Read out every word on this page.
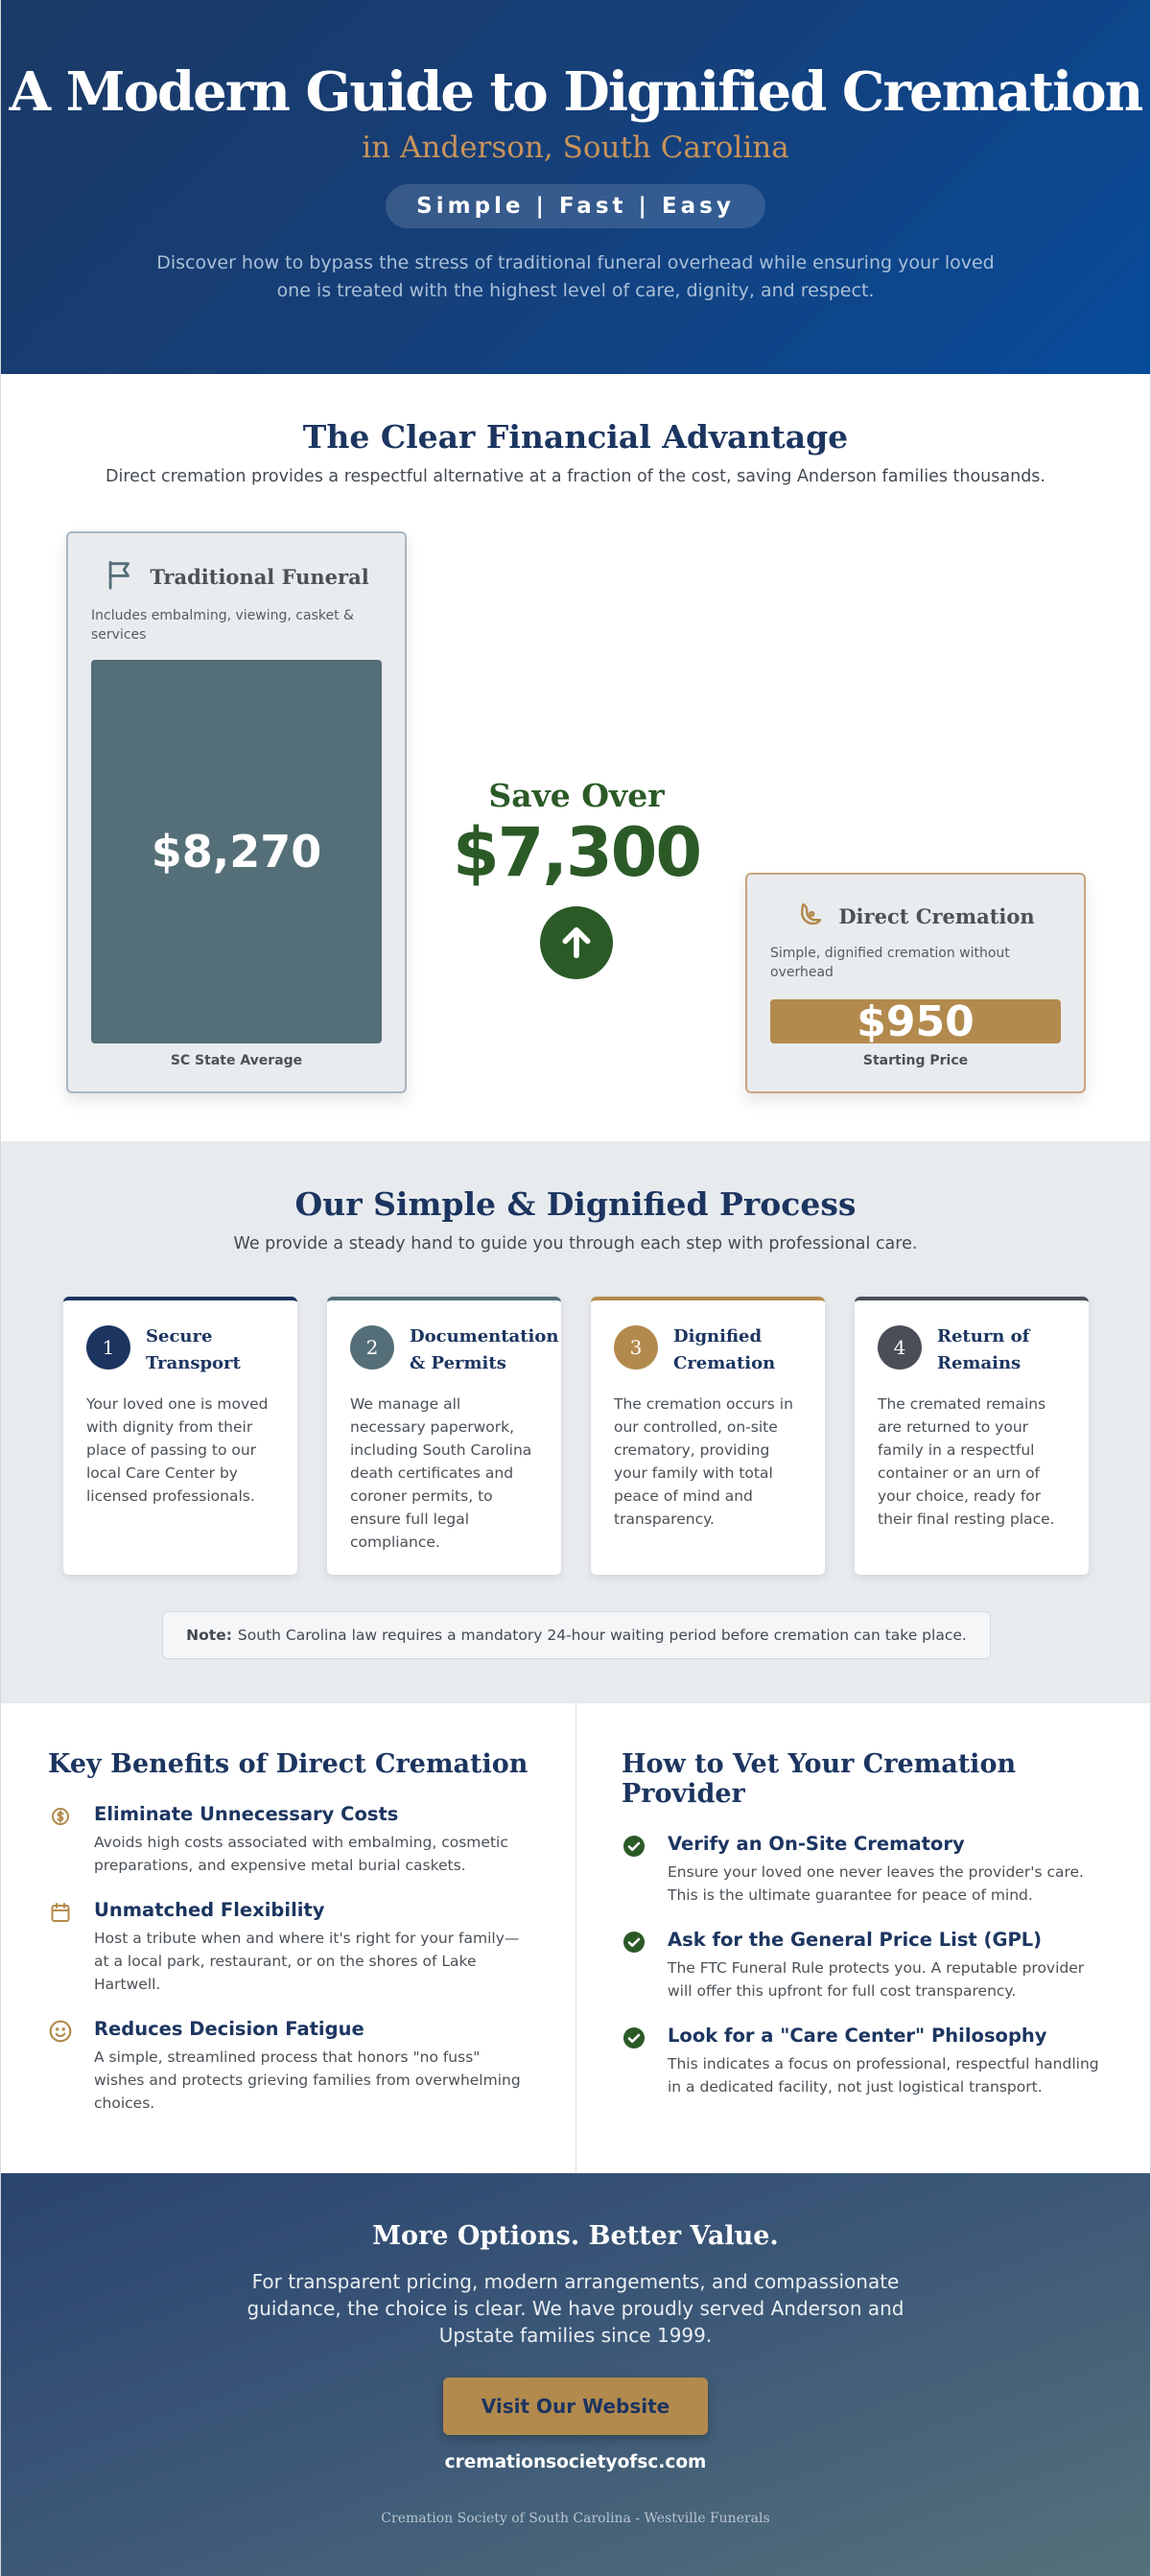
A Modern Guide to Dignified Cremation
in Anderson, South Carolina
Simple | Fast | Easy

Discover how to bypass the stress of traditional funeral overhead while ensuring your loved one is treated with the highest level of care, dignity, and respect.

The Clear Financial Advantage

Direct cremation provides a respectful alternative at a fraction of the cost, saving Anderson families thousands.

Traditional Funeral

Includes embalming, viewing, casket & services

$8,270
SC State Average
Save Over
$7,300
Direct Cremation

Simple, dignified cremation without overhead

$950
Starting Price
Our Simple & Dignified Process

We provide a steady hand to guide you through each step with professional care.

1	Secure Transport

Your loved one is moved with dignity from their place of passing to our local Care Center by licensed professionals.

2	Documentation & Permits

We manage all necessary paperwork, including South Carolina death certificates and coroner permits, to ensure full legal compliance.

3	Dignified Cremation

The cremation occurs in our controlled, on-site crematory, providing your family with total peace of mind and transparency.

4	Return of Remains

The cremated remains are returned to your family in a respectful container or an urn of your choice, ready for their final resting place.

Note: South Carolina law requires a mandatory 24-hour waiting period before cremation can take place.
Key Benefits of Direct Cremation
Eliminate Unnecessary Costs

Avoids high costs associated with embalming, cosmetic preparations, and expensive metal burial caskets.

Unmatched Flexibility

Host a tribute when and where it's right for your family—at a local park, restaurant, or on the shores of Lake Hartwell.

Reduces Decision Fatigue

A simple, streamlined process that honors "no fuss" wishes and protects grieving families from overwhelming choices.

How to Vet Your Cremation Provider
Verify an On-Site Crematory

Ensure your loved one never leaves the provider's care. This is the ultimate guarantee for peace of mind.

Ask for the General Price List (GPL)

The FTC Funeral Rule protects you. A reputable provider will offer this upfront for full cost transparency.

Look for a "Care Center" Philosophy

This indicates a focus on professional, respectful handling in a dedicated facility, not just logistical transport.

More Options. Better Value.

For transparent pricing, modern arrangements, and compassionate guidance, the choice is clear. We have proudly served Anderson and Upstate families since 1999.

Visit Our Website
cremationsocietyofsc.com
Cremation Society of South Carolina - Westville Funerals
